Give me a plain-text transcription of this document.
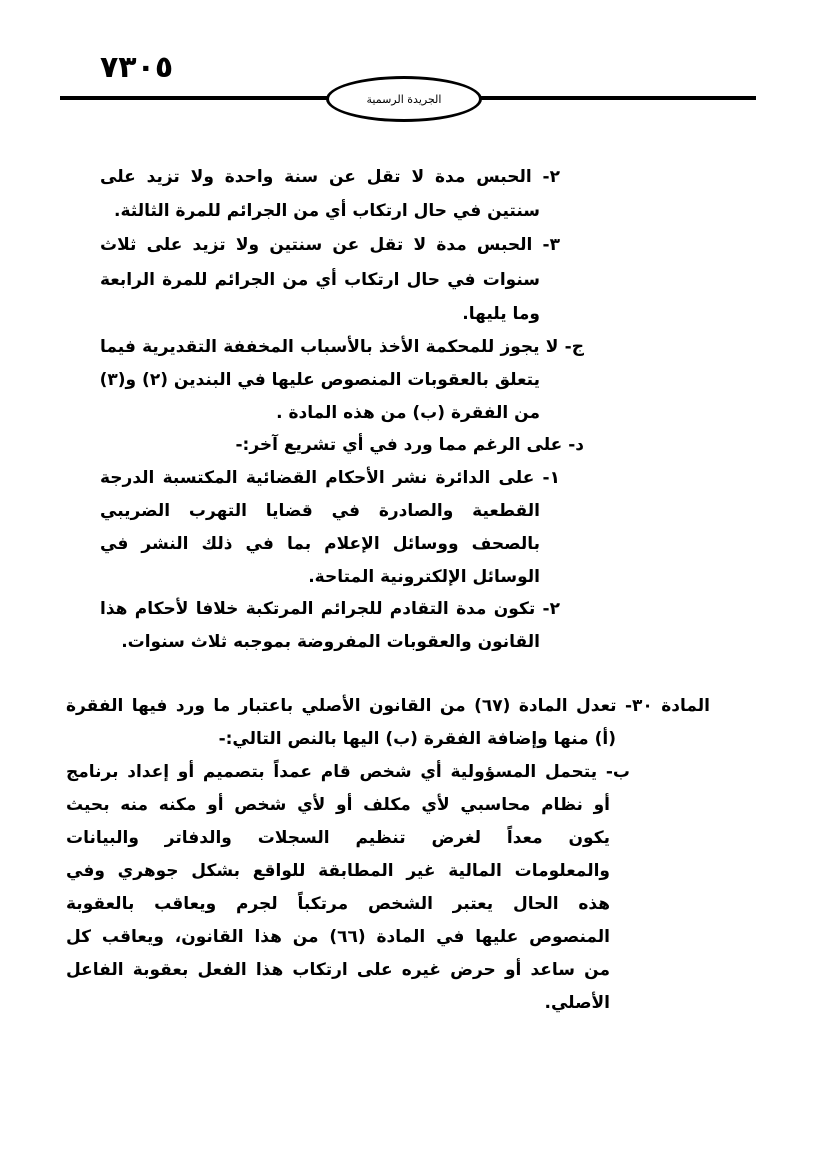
٧٣٠٥
الجريدة الرسمية
٢- الحبس مدة لا تقل عن سنة واحدة ولا تزيد على
سنتين في حال ارتكاب أي من الجرائم للمرة الثالثة.
٣- الحبس مدة لا تقل عن سنتين ولا تزيد على ثلاث
سنوات في حال ارتكاب أي من الجرائم للمرة الرابعة
وما يليها.
ج- لا يجوز للمحكمة الأخذ بالأسباب المخففة التقديرية فيما
يتعلق بالعقوبات المنصوص عليها في البندين (٢) و(٣)
من الفقرة (ب) من هذه المادة .
د- على الرغم مما ورد في أي تشريع آخر:-
١- على الدائرة نشر الأحكام القضائية المكتسبة الدرجة
القطعية والصادرة في قضايا التهرب الضريبي
بالصحف ووسائل الإعلام بما في ذلك النشر في
الوسائل الإلكترونية المتاحة.
٢- تكون مدة التقادم للجرائم المرتكبة خلافا لأحكام هذا
القانون والعقوبات المفروضة بموجبه ثلاث سنوات.
المادة ٣٠- تعدل المادة (٦٧) من القانون الأصلي باعتبار ما ورد فيها الفقرة
(أ) منها وإضافة الفقرة (ب) اليها بالنص التالي:-
ب- يتحمل المسؤولية أي شخص قام عمداً بتصميم أو إعداد برنامج
أو نظام محاسبي لأي مكلف أو لأي شخص أو مكنه منه بحيث
يكون معداً لغرض تنظيم السجلات والدفاتر والبيانات
والمعلومات المالية غير المطابقة للواقع بشكل جوهري وفي
هذه الحال يعتبر الشخص مرتكباً لجرم ويعاقب بالعقوبة
المنصوص عليها في المادة (٦٦) من هذا القانون، ويعاقب كل
من ساعد أو حرض غيره على ارتكاب هذا الفعل بعقوبة الفاعل
الأصلي.
